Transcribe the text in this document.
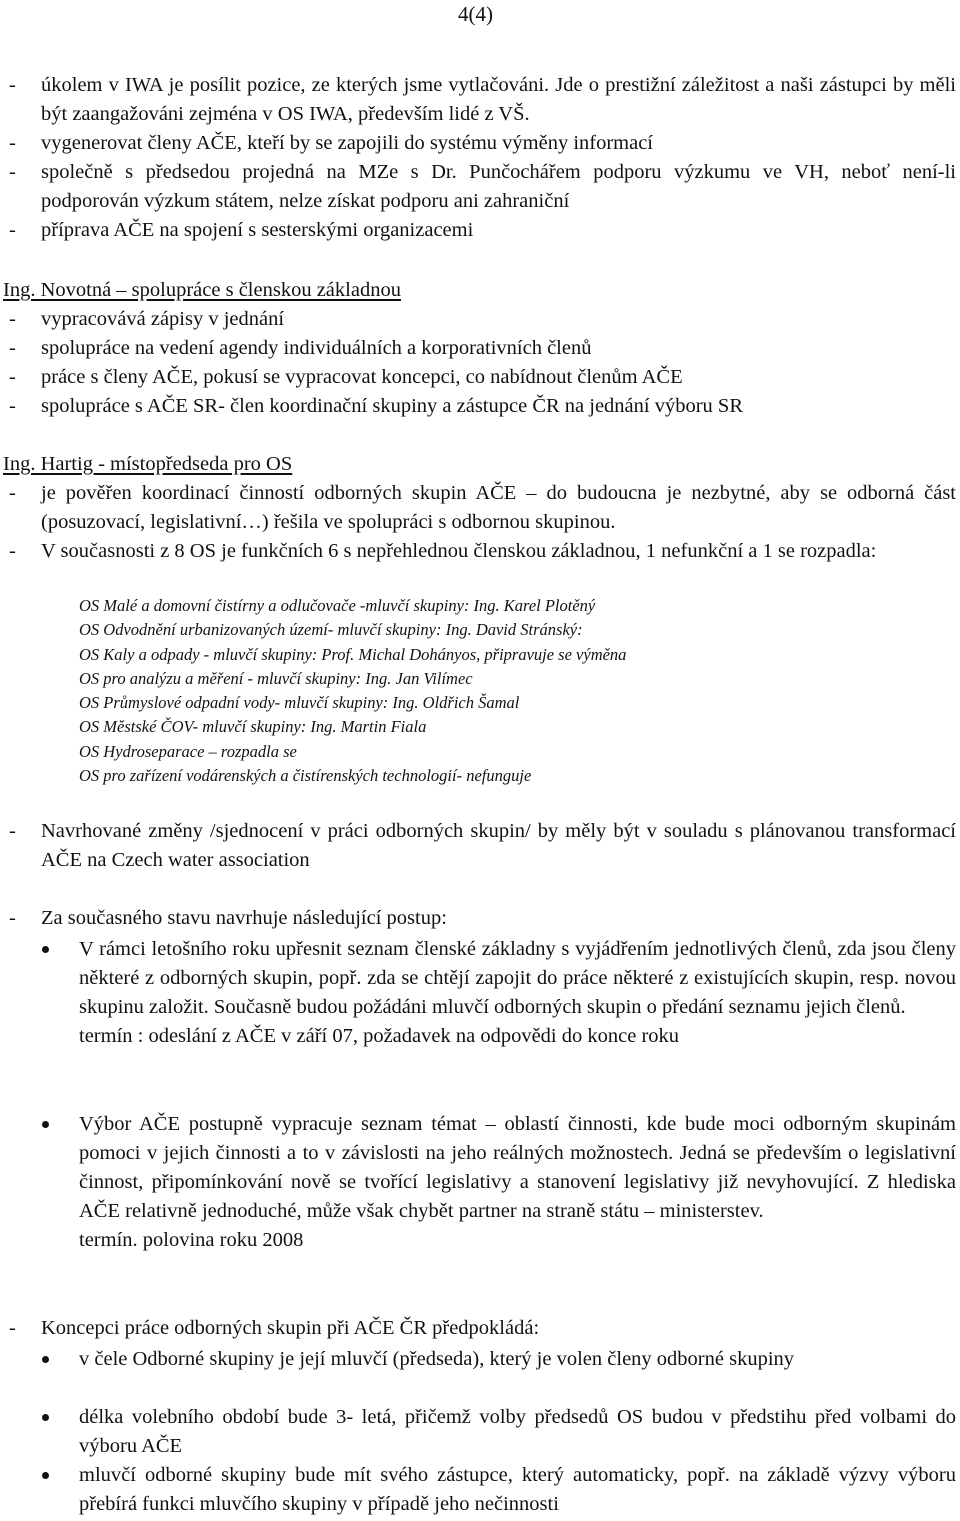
4(4)
- úkolem v IWA je posílit pozice, ze kterých jsme vytlačováni. Jde o prestižní záležitost a naši zástupci by měli být zaangažováni zejména v OS IWA, především lidé z VŠ.
- vygenerovat členy AČE, kteří by se zapojili do systému výměny informací
- společně s předsedou projedná na MZe s Dr. Punčochářem podporu výzkumu ve VH, neboť není-li podporován výzkum státem, nelze získat podporu ani zahraniční
- příprava AČE na spojení s sesterskými organizacemi
Ing. Novotná – spolupráce s členskou základnou
- vypracovává zápisy v jednání
- spolupráce na vedení agendy individuálních a korporativních členů
- práce s členy AČE, pokusí se vypracovat koncepci, co nabídnout členům AČE
- spolupráce s AČE SR- člen koordinační skupiny a zástupce ČR na jednání výboru SR
Ing. Hartig - místopředseda pro OS
- je pověřen koordinací činností odborných skupin AČE – do budoucna je nezbytné, aby se odborná část (posuzovací, legislativní…) řešila ve spolupráci s odbornou skupinou.
- V současnosti z 8 OS je funkčních 6 s nepřehlednou členskou základnou, 1 nefunkční a 1 se rozpadla:
OS Malé a domovní čistírny a odlučovače -mluvčí skupiny: Ing. Karel Plotěný
OS Odvodnění urbanizovaných území- mluvčí skupiny: Ing. David Stránský:
OS Kaly a odpady - mluvčí skupiny: Prof. Michal Dohányos, připravuje se výměna
OS pro analýzu a měření - mluvčí skupiny: Ing. Jan Vilímec
OS Průmyslové odpadní vody- mluvčí skupiny: Ing. Oldřich Šamal
OS Městské ČOV- mluvčí skupiny: Ing. Martin Fiala
OS Hydroseparace – rozpadla se
OS pro zařízení vodárenských a čistírenských technologií- nefunguje
- Navrhované změny /sjednocení v práci odborných skupin/ by měly být v souladu s plánovanou transformací AČE na Czech water association
- Za současného stavu navrhuje následující postup:
V rámci letošního roku upřesnit seznam členské základny s vyjádřením jednotlivých členů, zda jsou členy některé z odborných skupin, popř. zda se chtějí zapojit do práce některé z existujících skupin, resp. novou skupinu založit. Současně budou požádáni mluvčí odborných skupin o předání seznamu jejich členů.
termín : odeslání z AČE v září 07, požadavek na odpovědi do konce roku
Výbor AČE postupně vypracuje seznam témat – oblastí činnosti, kde bude moci odborným skupinám pomoci v jejich činnosti a to v závislosti na jeho reálných možnostech. Jedná se především o legislativní činnost, připomínkování nově se tvořící legislativy a stanovení legislativy již nevyhovující. Z hlediska AČE relativně jednoduché, může však chybět partner na straně státu – ministerstev.
termín. polovina roku 2008
- Koncepci práce odborných skupin při AČE ČR předpokládá:
v čele Odborné skupiny je její mluvčí (předseda), který je volen členy odborné skupiny
délka volebního období bude 3- letá, přičemž volby předsedů OS budou v předstihu před volbami do výboru AČE
mluvčí odborné skupiny bude mít svého zástupce, který automaticky, popř. na základě výzvy výboru přebírá funkci mluvčího skupiny v případě jeho nečinnosti
